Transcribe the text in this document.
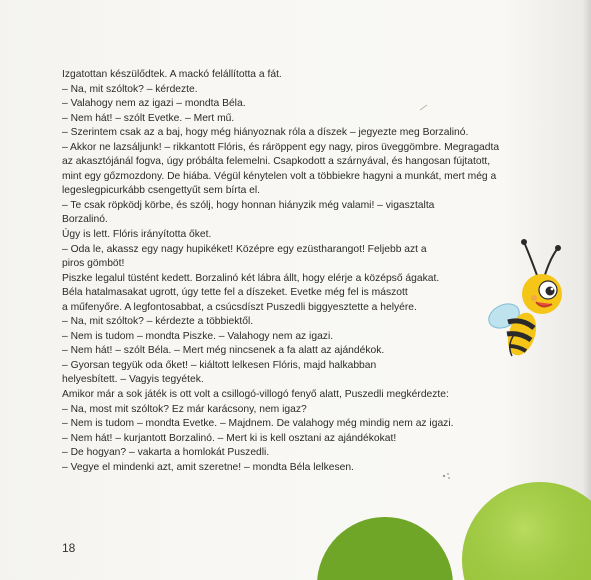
Izgatottan készülődtek. A mackó felállította a fát.
– Na, mit szóltok? – kérdezte.
– Valahogy nem az igazi – mondta Béla.
– Nem hát! – szólt Evetke. – Mert mű.
– Szerintem csak az a baj, hogy még hiányoznak róla a díszek – jegyezte meg Borzalinó.
– Akkor ne lazsáljunk! – rikkantott Flóris, és ráröppent egy nagy, piros üveggömbre. Megragadta
az akasztójánál fogva, úgy próbálta felemelni. Csapkodott a szárnyával, és hangosan fújtatott,
mint egy gőzmozdony. De hiába. Végül kénytelen volt a többiekre hagyni a munkát, mert még a
legeslegpicurkább csengettyűt sem bírta el.
– Te csak röpködj körbe, és szólj, hogy honnan hiányzik még valami! – vigasztalta
Borzalinó.
Úgy is lett. Flóris irányította őket.
– Oda le, akassz egy nagy hupikéket! Középre egy ezüstharangot! Feljebb azt a
piros gömböt!
Piszke legalul tüstént kedett. Borzalinó két lábra állt, hogy elérje a középső ágakat.
Béla hatalmasakat ugrott, úgy tette fel a díszeket. Evetke még fel is mászott
a műfenyőre. A legfontosabbat, a csúcsdíszt Puszedli biggyesztette a helyére.
– Na, mit szóltok? – kérdezte a többiektől.
– Nem is tudom – mondta Piszke. – Valahogy nem az igazi.
– Nem hát! – szólt Béla. – Mert még nincsenek a fa alatt az ajándékok.
– Gyorsan tegyük oda őket! – kiáltott lelkesen Flóris, majd halkabban
helyesbített. – Vagyis tegyétek.
Amikor már a sok játék is ott volt a csillogó-villogó fenyő alatt, Puszedli megkérdezte:
– Na, most mit szóltok? Ez már karácsony, nem igaz?
– Nem is tudom – mondta Evetke. – Majdnem. De valahogy még mindig nem az igazi.
– Nem hát! – kurjantott Borzalinó. – Mert ki is kell osztani az ajándékokat!
– De hogyan? – vakarta a homlokát Puszedli.
– Vegye el mindenki azt, amit szeretne! – mondta Béla lelkesen.
18
